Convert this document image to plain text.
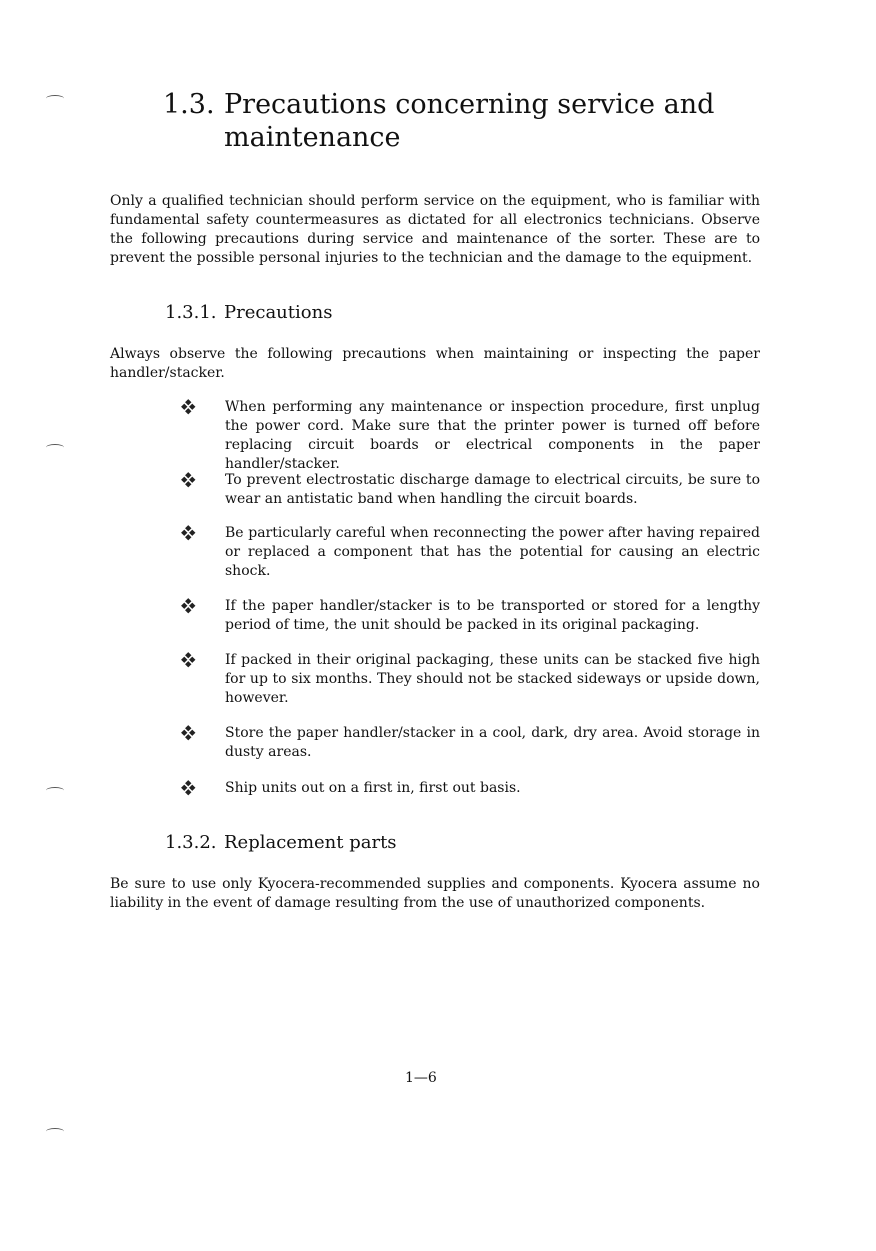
1.3. Precautions concerning service and maintenance

Only a qualified technician should perform service on the equipment, who is familiar with fundamental safety countermeasures as dictated for all electronics technicians. Observe the following precautions during service and maintenance of the sorter. These are to prevent the possible personal injuries to the technician and the damage to the equipment.

1.3.1. Precautions

Always observe the following precautions when maintaining or inspecting the paper handler/stacker.

When performing any maintenance or inspection procedure, first unplug the power cord. Make sure that the printer power is turned off before replacing circuit boards or electrical components in the paper handler/stacker.
To prevent electrostatic discharge damage to electrical circuits, be sure to wear an antistatic band when handling the circuit boards.
Be particularly careful when reconnecting the power after having repaired or replaced a component that has the potential for causing an electric shock.
If the paper handler/stacker is to be transported or stored for a lengthy period of time, the unit should be packed in its original packaging.
If packed in their original packaging, these units can be stacked five high for up to six months. They should not be stacked sideways or upside down, however.
Store the paper handler/stacker in a cool, dark, dry area. Avoid storage in dusty areas.
Ship units out on a first in, first out basis.
1.3.2. Replacement parts

Be sure to use only Kyocera-recommended supplies and components. Kyocera assume no liability in the event of damage resulting from the use of unauthorized components.

1—6
